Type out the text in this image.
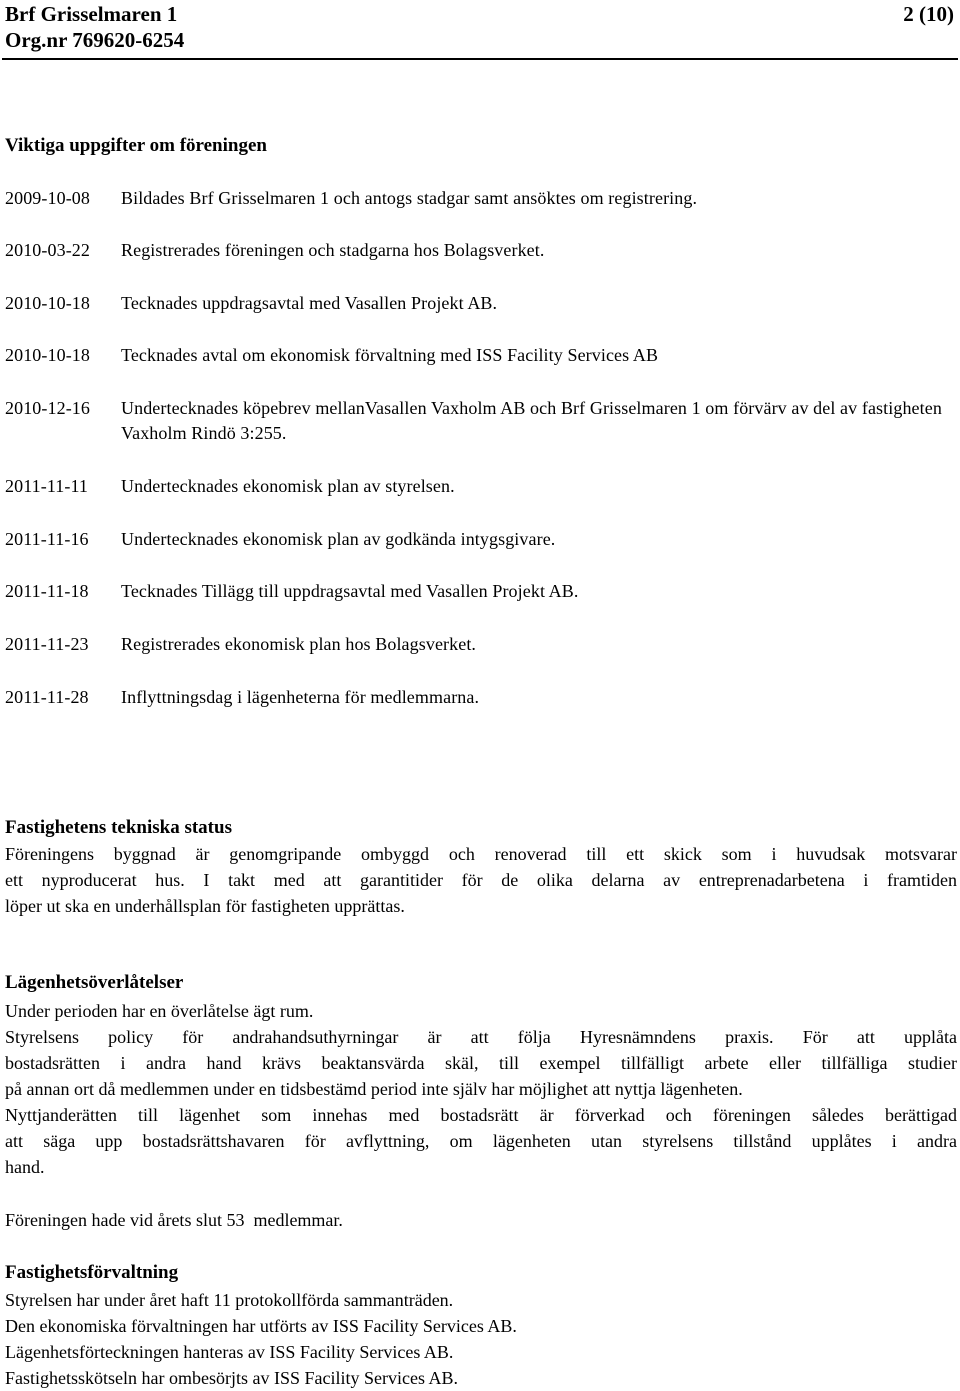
Brf Grisselmaren 1
Org.nr 769620-6254
2 (10)
Viktiga uppgifter om föreningen
2009-10-08 Bildades Brf Grisselmaren 1 och antogs stadgar samt ansöktes om registrering.
2010-03-22 Registrerades föreningen och stadgarna hos Bolagsverket.
2010-10-18 Tecknades uppdragsavtal med Vasallen Projekt AB.
2010-10-18 Tecknades avtal om ekonomisk förvaltning med ISS Facility Services AB
2010-12-16 Undertecknades köpebrev mellanVasallen Vaxholm AB och Brf Grisselmaren 1 om förvärv av del av fastigheten Vaxholm Rindö 3:255.
2011-11-11 Undertecknades ekonomisk plan av styrelsen.
2011-11-16 Undertecknades ekonomisk plan av godkända intygsgivare.
2011-11-18 Tecknades Tillägg till uppdragsavtal med Vasallen Projekt AB.
2011-11-23 Registrerades ekonomisk plan hos Bolagsverket.
2011-11-28 Inflyttningsdag i lägenheterna för medlemmarna.
Fastighetens tekniska status
Föreningens byggnad är genomgripande ombyggd och renoverad till ett skick som i huvudsak motsvarar
ett nyproducerat hus. I takt med att garantitider för de olika delarna av entreprenadarbetena i framtiden
löper ut ska en underhållsplan för fastigheten upprättas.
Lägenhetsöverlåtelser
Under perioden har en överlåtelse ägt rum.
Styrelsens policy för andrahandsuthyrningar är att följa Hyresnämndens praxis. För att upplåta
bostadsrätten i andra hand krävs beaktansvärda skäl, till exempel tillfälligt arbete eller tillfälliga studier
på annan ort då medlemmen under en tidsbestämd period inte själv har möjlighet att nyttja lägenheten.
Nyttjanderätten till lägenhet som innehas med bostadsrätt är förverkad och föreningen således berättigad
att säga upp bostadsrättshavaren för avflyttning, om lägenheten utan styrelsens tillstånd upplåtes i andra
hand.
Föreningen hade vid årets slut 53  medlemmar.
Fastighetsförvaltning
Styrelsen har under året haft 11 protokollförda sammanträden.
Den ekonomiska förvaltningen har utförts av ISS Facility Services AB.
Lägenhetsförteckningen hanteras av ISS Facility Services AB.
Fastighetsskötseln har ombesörjts av ISS Facility Services AB.
